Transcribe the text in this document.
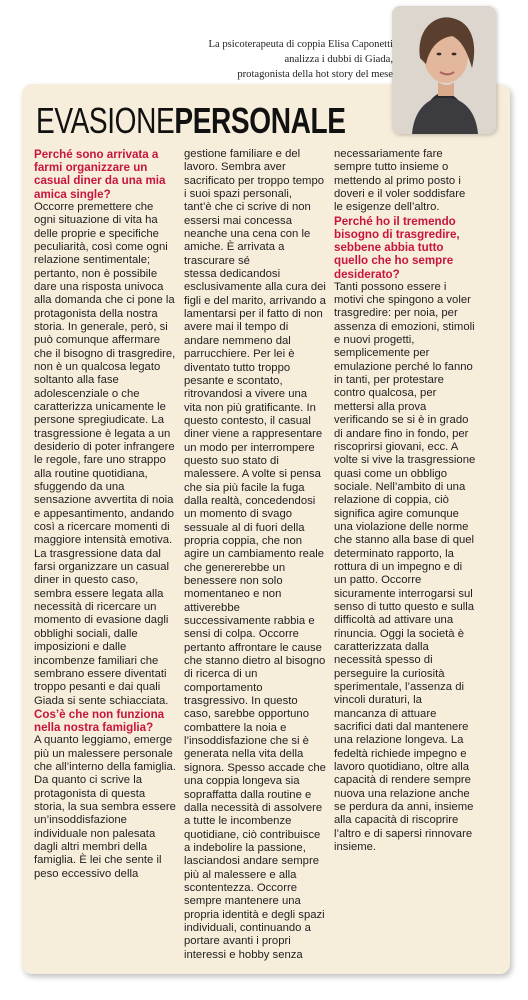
La psicoterapeuta di coppia Elisa Caponetti
analizza i dubbi di Giada,
protagonista della hot story del mese
EVASIONEPERSONALE

Perché sono arrivata a farmi organizzare un casual diner da una mia amica single?

Occorre premettere che ogni situazione di vita ha delle proprie e specifiche peculiarità, così come ogni relazione sentimentale; pertanto, non è possibile dare una risposta univoca alla domanda che ci pone la protagonista della nostra storia. In generale, però, si può comunque affermare che il bisogno di trasgredire, non è un qualcosa legato soltanto alla fase adolescenziale o che caratterizza unicamente le persone spregiudicate. La trasgressione è legata a un desiderio di poter infrangere le regole, fare uno strappo alla routine quotidiana, sfuggendo da una sensazione avvertita di noia e appesantimento, andando così a ricercare momenti di maggiore intensità emotiva. La trasgressione data dal farsi organizzare un casual diner in questo caso, sembra essere legata alla necessità di ricercare un momento di evasione dagli obblighi sociali, dalle imposizioni e dalle incombenze familiari che sembrano essere diventati troppo pesanti e dai quali Giada si sente schiacciata.

Cos’è che non funziona nella nostra famiglia?

A quanto leggiamo, emerge più un malessere personale che all’interno della famiglia. Da quanto ci scrive la protagonista di questa storia, la sua sembra essere un’insoddisfazione individuale non palesata dagli altri membri della famiglia. È lei che sente il peso eccessivo della

gestione familiare e del lavoro. Sembra aver sacrificato per troppo tempo i suoi spazi personali,

tant’è che ci scrive di non essersi mai concessa neanche una cena con le amiche. È arrivata a trascurare sé

stessa dedicandosi esclusivamente alla cura dei figli e del marito, arrivando a lamentarsi per il fatto di non avere mai il tempo di andare nemmeno dal parrucchiere. Per lei è diventato tutto troppo pesante e scontato, ritrovandosi a vivere una vita non più gratificante. In questo contesto, il casual diner viene a rappresentare un modo per interrompere questo suo stato di malessere. A volte si pensa che sia più facile la fuga dalla realtà, concedendosi un momento di svago sessuale al di fuori della propria coppia, che non agire un cambiamento reale che genererebbe un benessere non solo momentaneo e non attiverebbe successivamente rabbia e sensi di colpa. Occorre pertanto affrontare le cause che stanno dietro al bisogno di ricerca di un comportamento trasgressivo. In questo caso, sarebbe opportuno combattere la noia e l’insoddisfazione che si è generata nella vita della signora. Spesso accade che una coppia longeva sia sopraffatta dalla routine e dalla necessità di assolvere a tutte le incombenze quotidiane, ciò contribuisce a indebolire la passione, lasciandosi andare sempre più al malessere e alla scontentezza. Occorre sempre mantenere una propria identità e degli spazi individuali, continuando a portare avanti i propri interessi e hobby senza

necessariamente fare sempre tutto insieme o mettendo al primo posto i doveri e il voler soddisfare le esigenze dell’altro.

Perché ho il tremendo bisogno di trasgredire, sebbene abbia tutto quello che ho sempre desiderato?

Tanti possono essere i motivi che spingono a voler trasgredire: per noia, per assenza di emozioni, stimoli e nuovi progetti, semplicemente per emulazione perché lo fanno in tanti, per protestare contro qualcosa, per mettersi alla prova verificando se si è in grado di andare fino in fondo, per riscoprirsi giovani, ecc. A volte si vive la trasgressione quasi come un obbligo sociale. Nell’ambito di una relazione di coppia, ciò significa agire comunque una violazione delle norme che stanno alla base di quel determinato rapporto, la rottura di un impegno e di un patto. Occorre sicuramente interrogarsi sul senso di tutto questo e sulla difficoltà ad attivare una rinuncia. Oggi la società è caratterizzata dalla necessità spesso di perseguire la curiosità sperimentale, l’assenza di vincoli duraturi, la mancanza di attuare sacrifici dati dal mantenere una relazione longeva. La fedeltà richiede impegno e lavoro quotidiano, oltre alla capacità di rendere sempre nuova una relazione anche se perdura da anni, insieme alla capacità di riscoprire l’altro e di sapersi rinnovare insieme.
